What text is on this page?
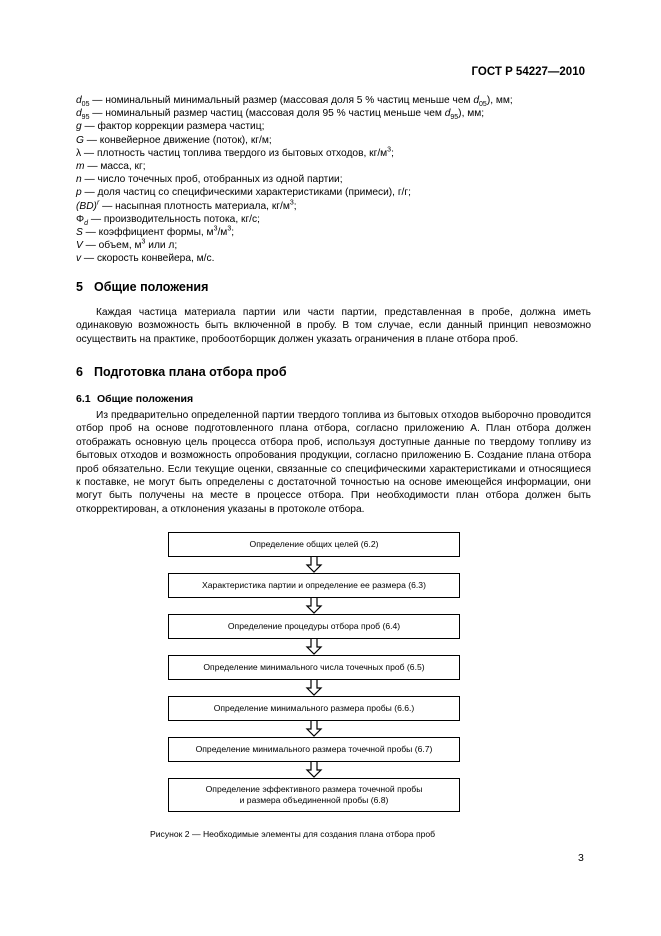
ГОСТ Р 54227—2010
$d_{05}$ — номинальный минимальный размер (массовая доля 5 % частиц меньше чем $d_{05}$), мм;
$d_{95}$ — номинальный размер частиц (массовая доля 95 % частиц меньше чем $d_{95}$), мм;
g — фактор коррекции размера частиц;
G — конвейерное движение (поток), кг/м;
λ — плотность частиц топлива твердого из бытовых отходов, $кг/м^3$;
m — масса, кг;
n — число точечных проб, отобранных из одной партии;
p — доля частиц со специфическими характеристиками (примеси), г/г;
(BD)$^r$ — насыпная плотность материала, $кг/м^3$;
$\Phi_d$ — производительность потока, кг/с;
S — коэффициент формы, $м^3/м^3$;
V — объем, $м^3$ или л;
v — скорость конвейера, м/с.
5 Общие положения

Каждая частица материала партии или части партии, представленная в пробе, должна иметь одинаковую возможность быть включенной в пробу. В том случае, если данный принцип невозможно осуществить на практике, пробоотборщик должен указать ограничения в плане отбора проб.

6 Подготовка плана отбора проб
6.1 Общие положения

Из предварительно определенной партии твердого топлива из бытовых отходов выборочно проводится отбор проб на основе подготовленного плана отбора, согласно приложению А. План отбора должен отображать основную цель процесса отбора проб, используя доступные данные по твердому топливу из бытовых отходов и возможность опробования продукции, согласно приложению Б. Создание плана отбора проб обязательно. Если текущие оценки, связанные со специфическими характеристиками и относящиеся к поставке, не могут быть определены с достаточной точностью на основе имеющейся информации, они могут быть получены на месте в процессе отбора. При необходимости план отбора должен быть откорректирован, а отклонения указаны в протоколе отбора.

Определение общих целей (6.2)
Характеристика партии и определение ее размера (6.3)
Определение процедуры отбора проб (6.4)
Определение минимального числа точечных проб (6.5)
Определение минимального размера пробы (6.6.)
Определение минимального размера точечной пробы (6.7)
Определение эффективного размера точечной пробы
и размера объединенной пробы (6.8)
Рисунок 2 — Необходимые элементы для создания плана отбора проб
3
